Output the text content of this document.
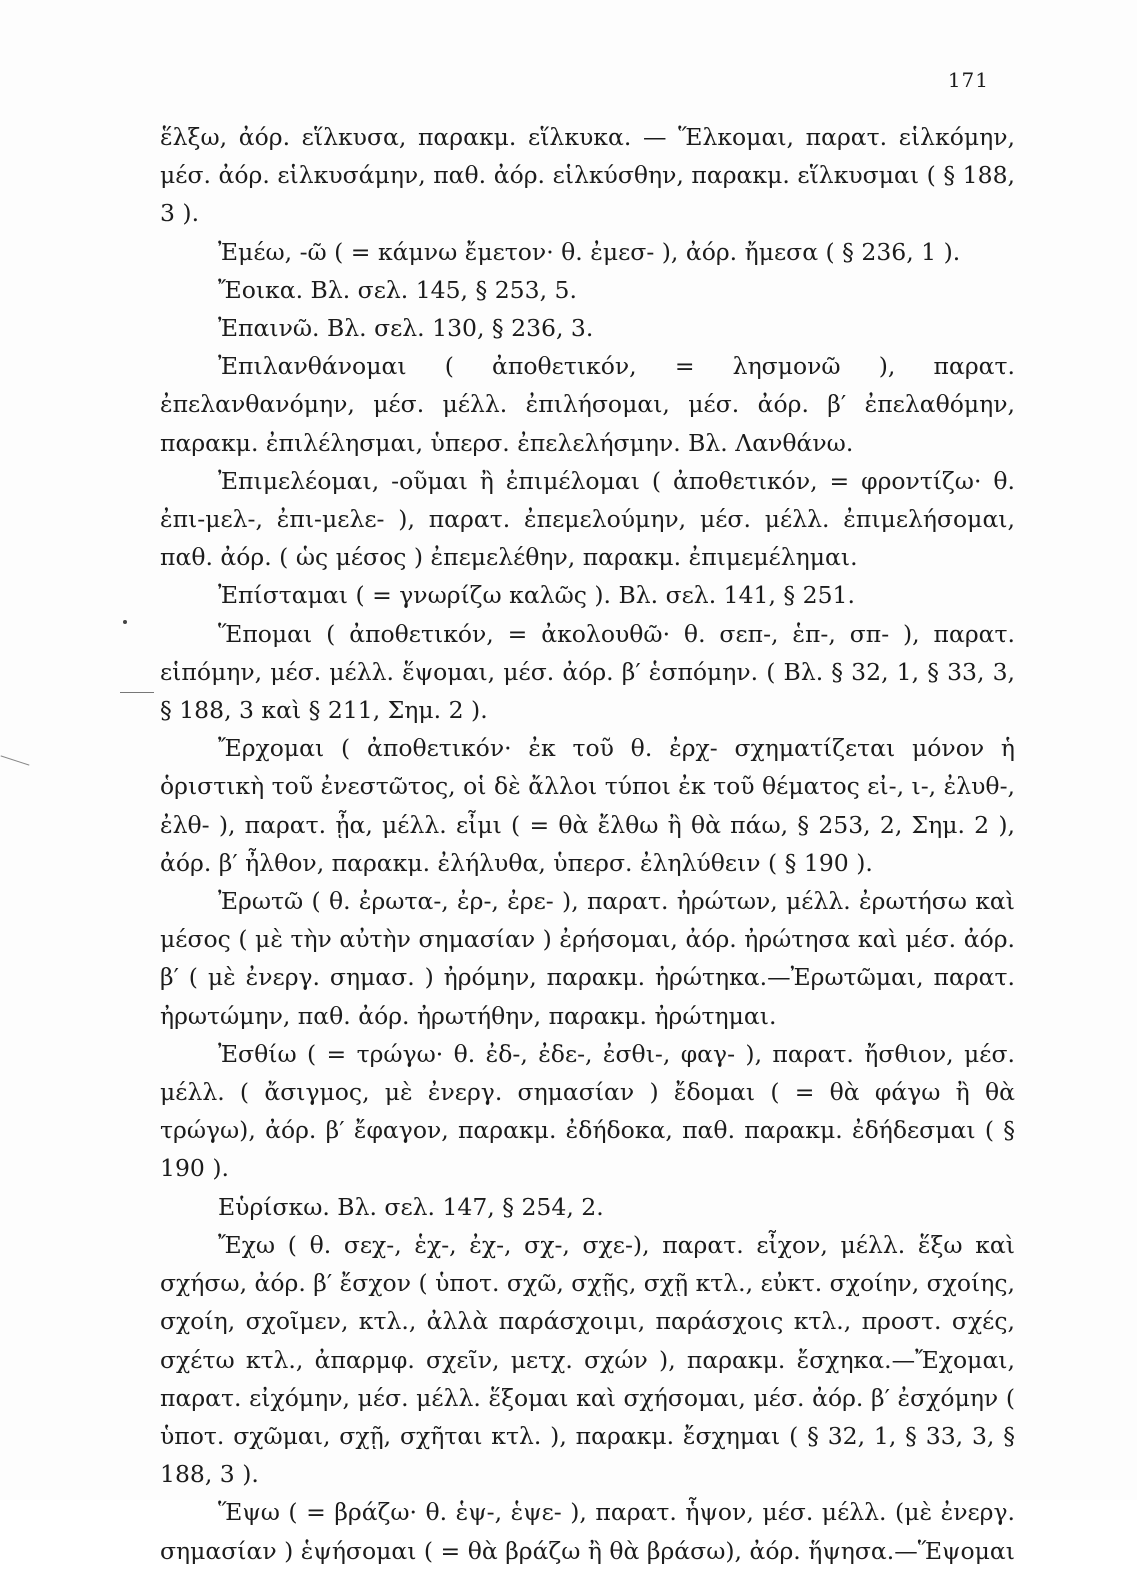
171

ἕλξω, ἀόρ. εἵλκυσα, παρακμ. εἵλκυκα. — Ἕλκομαι, παρατ. εἱλκόμην, μέσ. ἀόρ. εἱλκυσάμην, παθ. ἀόρ. εἱλκύσθην, παρακμ. εἵλκυσμαι ( § 188, 3 ).

Ἐμέω, -ῶ ( = κάμνω ἔμετον· θ. ἐμεσ- ), ἀόρ. ἤμεσα ( § 236, 1 ).

Ἔοικα. Βλ. σελ. 145, § 253, 5.

Ἐπαινῶ. Βλ. σελ. 130, § 236, 3.

Ἐπιλανθάνομαι ( ἀποθετικόν, = λησμονῶ ), παρατ. ἐπελανθανόμην, μέσ. μέλλ. ἐπιλήσομαι, μέσ. ἀόρ. β′ ἐπελαθόμην, παρακμ. ἐπιλέλησμαι, ὑπερσ. ἐπελελήσμην. Βλ. Λανθάνω.

Ἐπιμελέομαι, -οῦμαι ἢ ἐπιμέλομαι ( ἀποθετικόν, = φροντίζω· θ. ἐπι-μελ-, ἐπι-μελε- ), παρατ. ἐπεμελούμην, μέσ. μέλλ. ἐπιμελήσομαι, παθ. ἀόρ. ( ὡς μέσος ) ἐπεμελέθην, παρακμ. ἐπιμεμέλημαι.

Ἐπίσταμαι ( = γνωρίζω καλῶς ). Βλ. σελ. 141, § 251.

Ἕπομαι ( ἀποθετικόν, = ἀκολουθῶ· θ. σεπ-, ἑπ-, σπ- ), παρατ. εἱπόμην, μέσ. μέλλ. ἕψομαι, μέσ. ἀόρ. β′ ἑσπόμην. ( Βλ. § 32, 1, § 33, 3, § 188, 3 καὶ § 211, Σημ. 2 ).

Ἔρχομαι ( ἀποθετικόν· ἐκ τοῦ θ. ἐρχ- σχηματίζεται μόνον ἡ ὁριστικὴ τοῦ ἐνεστῶτος, οἱ δὲ ἄλλοι τύποι ἐκ τοῦ θέματος εἰ-, ι-, ἐλυθ-, ἐλθ- ), παρατ. ᾖα, μέλλ. εἶμι ( = θὰ ἔλθω ἢ θὰ πάω, § 253, 2, Σημ. 2 ), ἀόρ. β′ ἦλθον, παρακμ. ἐλήλυθα, ὑπερσ. ἐληλύθειν ( § 190 ).

Ἐρωτῶ ( θ. ἐρωτα-, ἐρ-, ἐρε- ), παρατ. ἠρώτων, μέλλ. ἐρωτήσω καὶ μέσος ( μὲ τὴν αὐτὴν σημασίαν ) ἐρήσομαι, ἀόρ. ἠρώτησα καὶ μέσ. ἀόρ. β′ ( μὲ ἐνεργ. σημασ. ) ἠρόμην, παρακμ. ἠρώτηκα.—Ἐρωτῶμαι, παρατ. ἠρωτώμην, παθ. ἀόρ. ἠρωτήθην, παρακμ. ἠρώτημαι.

Ἐσθίω ( = τρώγω· θ. ἐδ-, ἐδε-, ἐσθι-, φαγ- ), παρατ. ἤσθιον, μέσ. μέλλ. ( ἄσιγμος, μὲ ἐνεργ. σημασίαν ) ἔδομαι ( = θὰ φάγω ἢ θὰ τρώγω), ἀόρ. β′ ἔφαγον, παρακμ. ἐδήδοκα, παθ. παρακμ. ἐδήδεσμαι ( § 190 ).

Εὑρίσκω. Βλ. σελ. 147, § 254, 2.

Ἔχω ( θ. σεχ-, ἑχ-, ἐχ-, σχ-, σχε-), παρατ. εἶχον, μέλλ. ἕξω καὶ σχήσω, ἀόρ. β′ ἔσχον ( ὑποτ. σχῶ, σχῇς, σχῇ κτλ., εὐκτ. σχοίην, σχοίης, σχοίη, σχοῖμεν, κτλ., ἀλλὰ παράσχοιμι, παράσχοις κτλ., προστ. σχές, σχέτω κτλ., ἀπαρμφ. σχεῖν, μετχ. σχών ), παρακμ. ἔσχηκα.—Ἔχομαι, παρατ. εἰχόμην, μέσ. μέλλ. ἕξομαι καὶ σχήσομαι, μέσ. ἀόρ. β′ ἐσχόμην ( ὑποτ. σχῶμαι, σχῇ, σχῆται κτλ. ), παρακμ. ἔσχημαι ( § 32, 1, § 33, 3, § 188, 3 ).

Ἕψω ( = βράζω· θ. ἑψ-, ἑψε- ), παρατ. ἧψον, μέσ. μέλλ. (μὲ ἐνεργ. σημασίαν ) ἑψήσομαι ( = θὰ βράζω ἢ θὰ βράσω), ἀόρ. ἥψησα.—Ἕψομαι
